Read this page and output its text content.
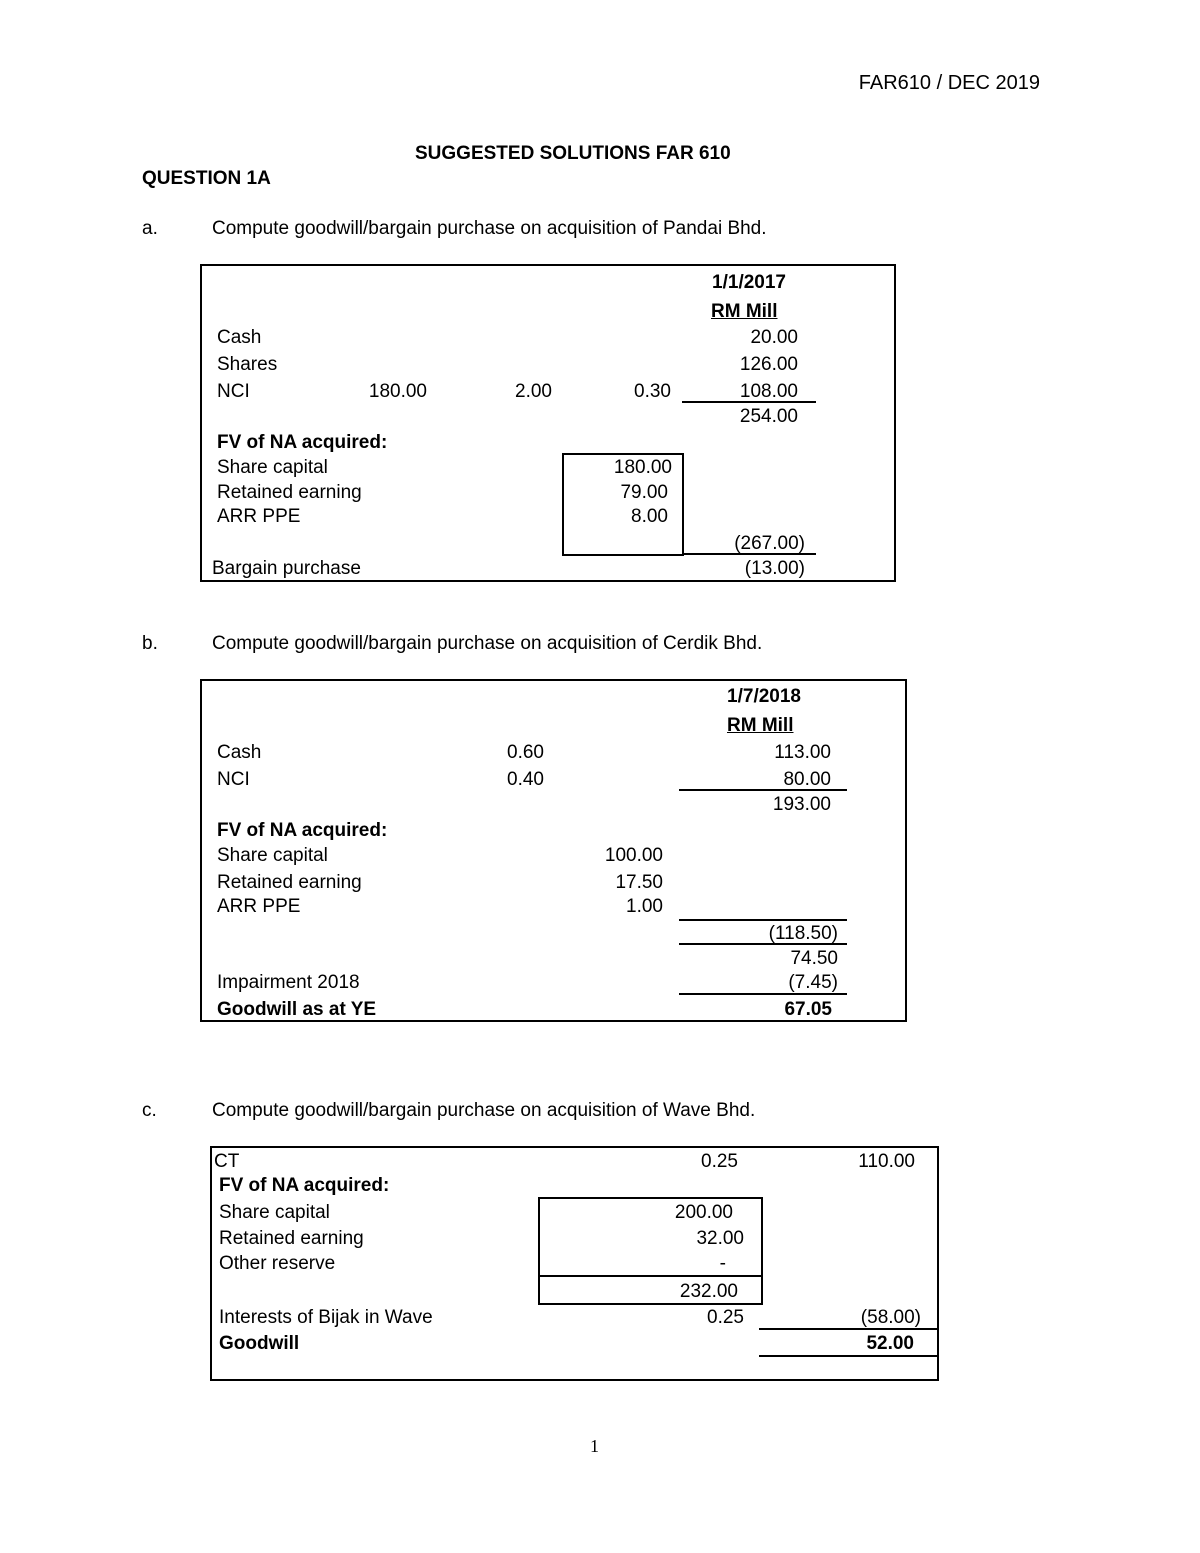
FAR610 / DEC 2019
SUGGESTED SOLUTIONS FAR 610
QUESTION 1A
a.	Compute goodwill/bargain purchase on acquisition of Pandai Bhd.
1/1/2017
RM Mill
Cash	20.00
Shares	126.00
NCI	180.00	2.00	0.30	108.00
254.00
FV of NA acquired:
Share capital	180.00
Retained earning	79.00
ARR PPE	8.00
(267.00)
Bargain purchase	(13.00)
b.	Compute goodwill/bargain purchase on acquisition of Cerdik Bhd.
1/7/2018
RM Mill
Cash	0.60	113.00
NCI	0.40	80.00
193.00
FV of NA acquired:
Share capital	100.00
Retained earning	17.50
ARR PPE	1.00
(118.50)
74.50
Impairment 2018	(7.45)
Goodwill as at YE	67.05
c.	Compute goodwill/bargain purchase on acquisition of Wave Bhd.
CT	0.25	110.00
FV of NA acquired:
Share capital	200.00
Retained earning	32.00
Other reserve	-
232.00
Interests of Bijak in Wave	0.25	(58.00)
Goodwill	52.00
1
